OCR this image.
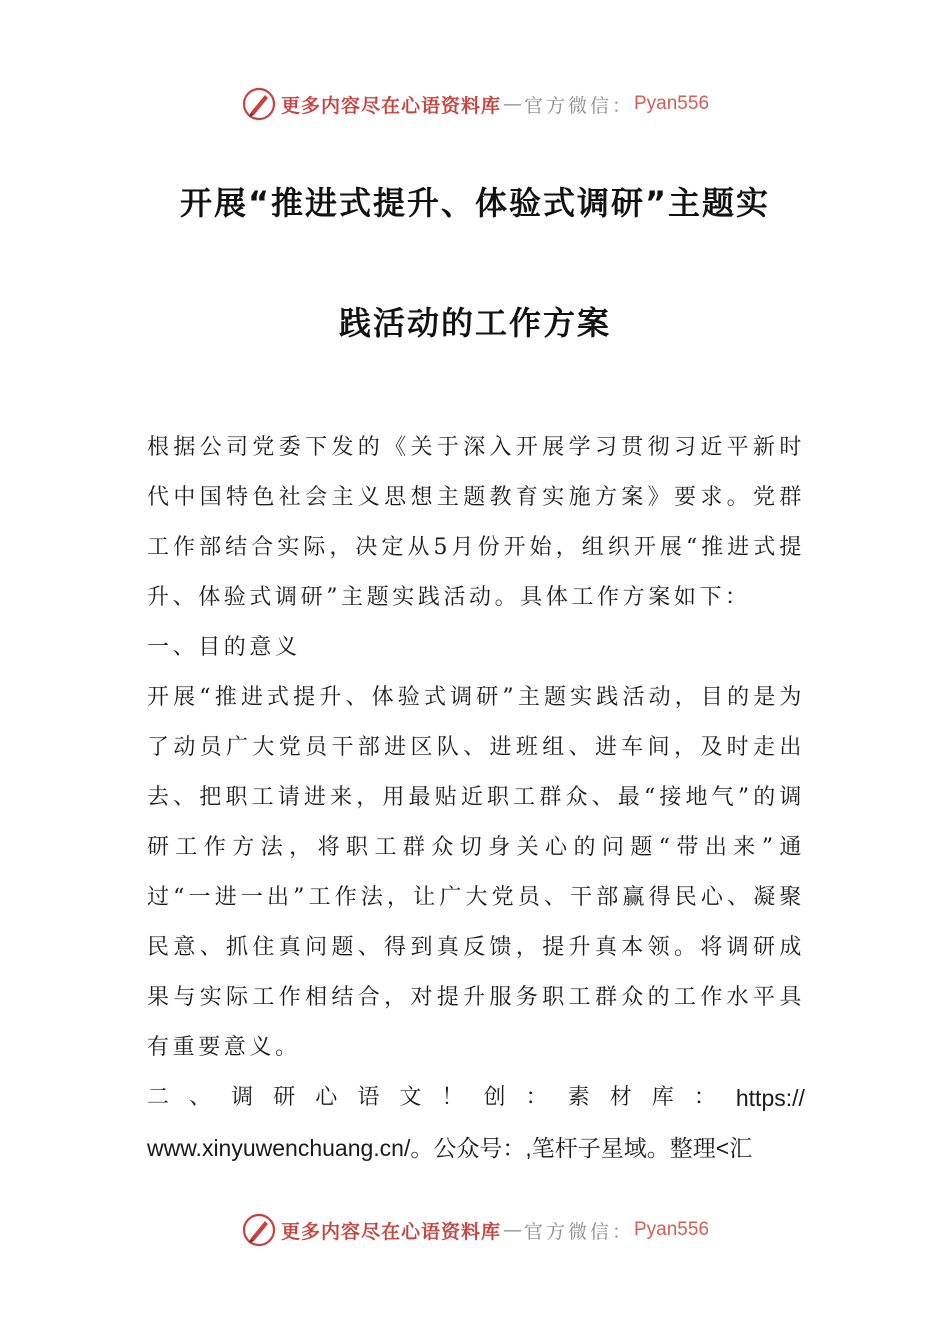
更多内容尽在心语资料库 — 官方微信： Pyan556
开展“推进式提升、体验式调研”主题实
践活动的工作方案

根据公司党委下发的《关于深入开展学习贯彻习近平新时代中国特色社会主义思想主题教育实施方案》要求。党群工作部结合实际，决定从5月份开始，组织开展“推进式提升、体验式调研”主题实践活动。具体工作方案如下：

一、目的意义

开展“推进式提升、体验式调研”主题实践活动，目的是为了动员广大党员干部进区队、进班组、进车间，及时走出去、把职工请进来，用最贴近职工群众、最“接地气”的调研工作方法，将职工群众切身关心的问题“带出来”通过“一进一出”工作法，让广大党员、干部赢得民心、凝聚民意、抓住真问题、得到真反馈，提升真本领。将调研成果与实际工作相结合，对提升服务职工群众的工作水平具有重要意义。

二 、 调 研 心 语 文 ！ 创 ： 素 材 库 ： https://

www.xinyuwenchuang.cn/。公众号：,笔杆子星域。整理<汇

更多内容尽在心语资料库 — 官方微信： Pyan556
